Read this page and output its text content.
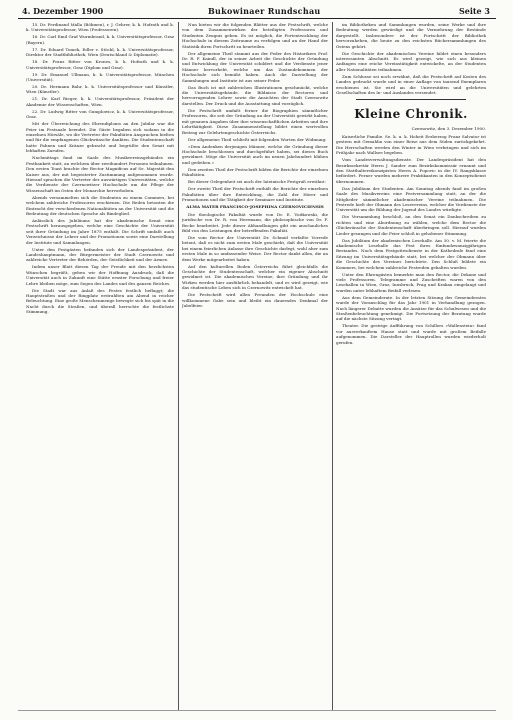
4. Dezember 1900	Bukowinaer Rundschau	Seite 3

15. Dr. Ferdinand Malla (Böhmen), r. J. Gehrer, k. k. Hofrath und k. k. Universitätsprofessor, Wien (Professoren).

16. Dr. Carl Emil Graf Wurmbrand, k. k. Universitätsprofessor, Graz (Bayern).

17. Dr. Eduard Tomek, Edler v. Stöckl, k. k. Universitätsprofessor, Direktor der Stadtbibliothek, Wien (Deutschland & Diplomatie).

18. Dr. Franz Ritter von Krones, k. k. Hofrath und k. k. Universitätsprofessor, Graz (Diplom und Graz).

19. Dr. Emanuel Ullmann, k. k. Universitätsprofessor, München (Universität).

20. Dr. Hermann Bahr, k. k. Universitätsprofessor und Künstler, Wien (Künstler).

21. Dr. Karl Rieger, k. k. Universitätsprofessor, Präsident der Akademie der Wissenschaften, Wien.

22. Dr. Ludwig Ritter von Gumplowicz, k. k. Universitätsprofessor, Graz.

Mit der Überreichung des Ehrendiploms an den Jubilar war die Feier im Festsaale beendet. Die Gäste begaben sich sodann in die einzelnen Hörsäle, wo die Vertreter der Fakultäten Ansprachen hielten und für die empfangenen Glückwünsche dankten. Die Studentenschaft hatte Fahnen und Kränze gebracht und begrüßte den Senat mit lebhaften Zurufen.

Nachmittags fand im Saale des Musikvereinsgebäudes ein Festbankett statt, an welchem über zweihundert Personen teilnahmen. Den ersten Toast brachte der Rector Magnificus auf Se. Majestät den Kaiser aus, der mit begeisterter Zustimmung aufgenommen wurde. Hierauf sprachen die Vertreter der auswärtigen Universitäten, welche die Verdienste der Czernowitzer Hochschule um die Pflege der Wissenschaft im Osten der Monarchie hervorhoben.

Abends versammelten sich die Studenten zu einem Commers, bei welchem zahlreiche Professoren erschienen. Die Reden betonten die Eintracht der verschiedenen Nationalitäten an der Universität und die Bedeutung der deutschen Sprache als Bindeglied.

Anlässlich des Jubiläums hat der akademische Senat eine Festschrift herausgegeben, welche eine Geschichte der Universität seit ihrer Gründung im Jahre 1875 enthält. Die Schrift umfaßt auch Verzeichnisse der Lehrer und der Promotionen sowie eine Darstellung der Institute und Sammlungen.

Unter den Festgästen befanden sich der Landespräsident, der Landeshauptmann, der Bürgermeister der Stadt Czernowitz und zahlreiche Vertreter der Behörden, der Geistlichkeit und der Armee.

Indem unser Blatt diesen Tag der Freude mit den herzlichsten Wünschen begrüßt, geben wir der Hoffnung Ausdruck, daß die Universität auch in Zukunft eine Stätte ernster Forschung und freier Lehre bleiben möge, zum Segen des Landes und des ganzen Reiches.

Die Stadt war aus Anlaß des Festes festlich beflaggt; die Hauptstraßen und der Ringplatz erstrahlten am Abend in reicher Beleuchtung. Eine große Menschenmenge bewegte sich bis spät in die Nacht durch die Straßen, und überall herrschte die festlichste Stimmung.

Nun bieten wir die folgenden Blätter aus der Festschrift, welche von dem Zusammenwirken der beteiligten Professoren und Studenten Zeugnis geben. Es ist möglich, die Fortentwicklung der Hochschule in diesem Zeitraume zu verfolgen und an der Hand der Statistik ihren Fortschritt zu beurteilen.

Der allgemeine Theil stammt aus der Feder des Historikers Prof. Dr. R. F. Kaindl, der in seiner Arbeit die Geschichte der Gründung und Entwicklung der Universität schildert und die Verdienste jener Männer hervorhebt, welche um das Zustandekommen der Hochschule sich bemüht haben. Auch die Darstellung der Sammlungen und Institute ist aus seiner Feder.

Das Buch ist mit zahlreichen Illustrationen geschmückt, welche die Universitätsgebäude, die Bildnisse der Rectoren und hervorragenden Lehrer sowie die Ansichten der Stadt Czernowitz darstellen. Der Druck und die Ausstattung sind vorzüglich.

Die Festschrift umfaßt ferner die Biographien sämmtlicher Professoren, die seit der Gründung an der Universität gewirkt haben, mit genauen Angaben über ihre wissenschaftlichen Arbeiten und ihre Lehrthätigkeit. Diese Zusammenstellung bildet einen wertvollen Beitrag zur Gelehrtengeschichte Österreichs.

Der allgemeine Theil schließt mit folgenden Worten der Widmung:

»Dem Andenken derjenigen Männer, welche die Gründung dieser Hochschule beschlossen und durchgeführt haben, sei dieses Buch gewidmet. Möge die Universität auch im neuen Jahrhundert blühen und gedeihen.«

Den zweiten Theil der Festschrift bilden die Berichte der einzelnen Fakultäten.

Bei dieser Gelegenheit sei auch der lateinische Festgruß erwähnt:

Der zweite Theil der Festschrift enthält die Berichte der einzelnen Fakultäten über ihre Entwicklung, die Zahl der Hörer und Promotionen und die Tätigkeit der Seminare und Institute.

ALMA MATER FRANCISCO-JOSEPHINA CZERNOVICIENSIS

Die theologische Fakultät wurde von Dr. E. Voitkowski, die juridische von Dr. R. von Herrmann, die philosophische von Dr. F. Becke bearbeitet. Jede dieser Abhandlungen gibt ein anschauliches Bild von den Leistungen der betreffenden Fakultät.

Die vom Rector der Universität Dr. Schmid verfaßte Vorrede betont, daß es nicht zum ersten Male geschieht, daß die Universität bei einem feierlichen Anlasse ihre Geschichte darlegt, wohl aber zum ersten Male in so umfassender Weise. Der Rector dankt allen, die an dem Werke mitgearbeitet haben.

Auf den kulturellen Boden Österreichs führt gleichfalls die Geschichte der Studentenschaft, welcher ein eigener Abschnitt gewidmet ist. Die akademischen Vereine, ihre Gründung und ihr Wirken werden hier ausführlich behandelt, und es wird gezeigt, wie das studentische Leben sich in Czernowitz entwickelt hat.

Die Festschrift wird allen Freunden der Hochschule eine willkommene Gabe sein und bleibt ein dauerndes Denkmal der Jubelfeier.

im Bibliotheken und Sammlungen wurden, seine Werke und ihre Bedeutung werden gewürdigt und die Vermehrung der Bestände dargestellt. Insbesondere ist der Fortschritt der Bibliothek hervorzuheben, die heute zu den reichsten Büchersammlungen des Ostens gehört.

Die Geschichte der akademischen Vereine bildet einen besonders interessanten Abschnitt. Es wird gezeigt, wie sich aus kleinen Anfängen eine reiche Vereinstätigkeit entwickelte, an der Studenten aller Nationalitäten teilnahmen.

Zum Schlusse sei noch erwähnt, daß die Festschrift auf Kosten des Landes gedruckt wurde und in einer Auflage von tausend Exemplaren erschienen ist. Sie wird an die Universitäten und gelehrten Gesellschaften des In- und Auslandes versendet.

Kleine Chronik.
Czernowitz, den 3. Dezember 1900.

Kaiserliche Familie. Se. k. u. k. Hoheit Erzherzog Franz Salvator ist gestern mit Gemahlin von einer Reise aus dem Süden zurückgekehrt. Die Herrschaften werden den Winter in Wien verbringen und sich im Frühjahr nach Wallsee begeben.

Vom Landesverwaltungsdienste. Der Landespräsident hat den Bezirkssekretär Herrn J. Sander zum Bezirkskommissär ernannt und den Statthaltereikonzipisten Herrn A. Popovic in die IV. Rangsklasse befördert. Ferner wurden mehrere Praktikanten in den Konzeptsdienst übernommen.

Das Jubiläum der Studenten. Am Sonntag abends fand im großen Saale des Musikvereins eine Festversammlung statt, an der die Mitglieder sämmtlicher akademischer Vereine teilnahmen. Die Festrede hielt der Obmann des Lesevereins, welcher die Verdienste der Universität um die Bildung der Jugend des Landes würdigte.

Die Versammlung beschloß, an den Senat ein Dankschreiben zu richten und eine Abordnung zu wählen, welche dem Rector die Glückwünsche der Studentenschaft überbringen soll. Hierauf wurden Lieder gesungen und die Feier schloß in gehobener Stimmung.

Das Jubiläum der akademischen Lesehalle. Am 30. v. M. feierte die akademische Lesehalle das Fest ihres fünfundzwanzigjährigen Bestandes. Nach dem Festgottesdienste in der Kathedrale fand eine Sitzung im Universitätsgebäude statt, bei welcher der Obmann über die Geschichte des Vereines berichtete. Den Schluß bildete ein Kommers, bei welchem zahlreiche Festreden gehalten wurden.

Unter den Ehrengästen bemerkte man den Rector, die Dekane und viele Professoren. Telegramme und Zuschriften waren von den Lesehallen in Wien, Graz, Innsbruck, Prag und Krakau eingelangt und wurden unter lebhaftem Beifall verlesen.

Aus dem Gemeinderate. In der letzten Sitzung des Gemeinderates wurde der Voranschlag für das Jahr 1901 in Verhandlung gezogen. Nach längerer Debatte wurden die Ansätze für das Schulwesen und die Straßenbeleuchtung genehmigt. Die Fortsetzung der Beratung wurde auf die nächste Sitzung vertagt.

Theater. Die gestrige Aufführung von Schillers »Wallenstein« fand vor ausverkauftem Hause statt und wurde mit großem Beifalle aufgenommen. Die Darsteller der Hauptrollen wurden wiederholt gerufen.
